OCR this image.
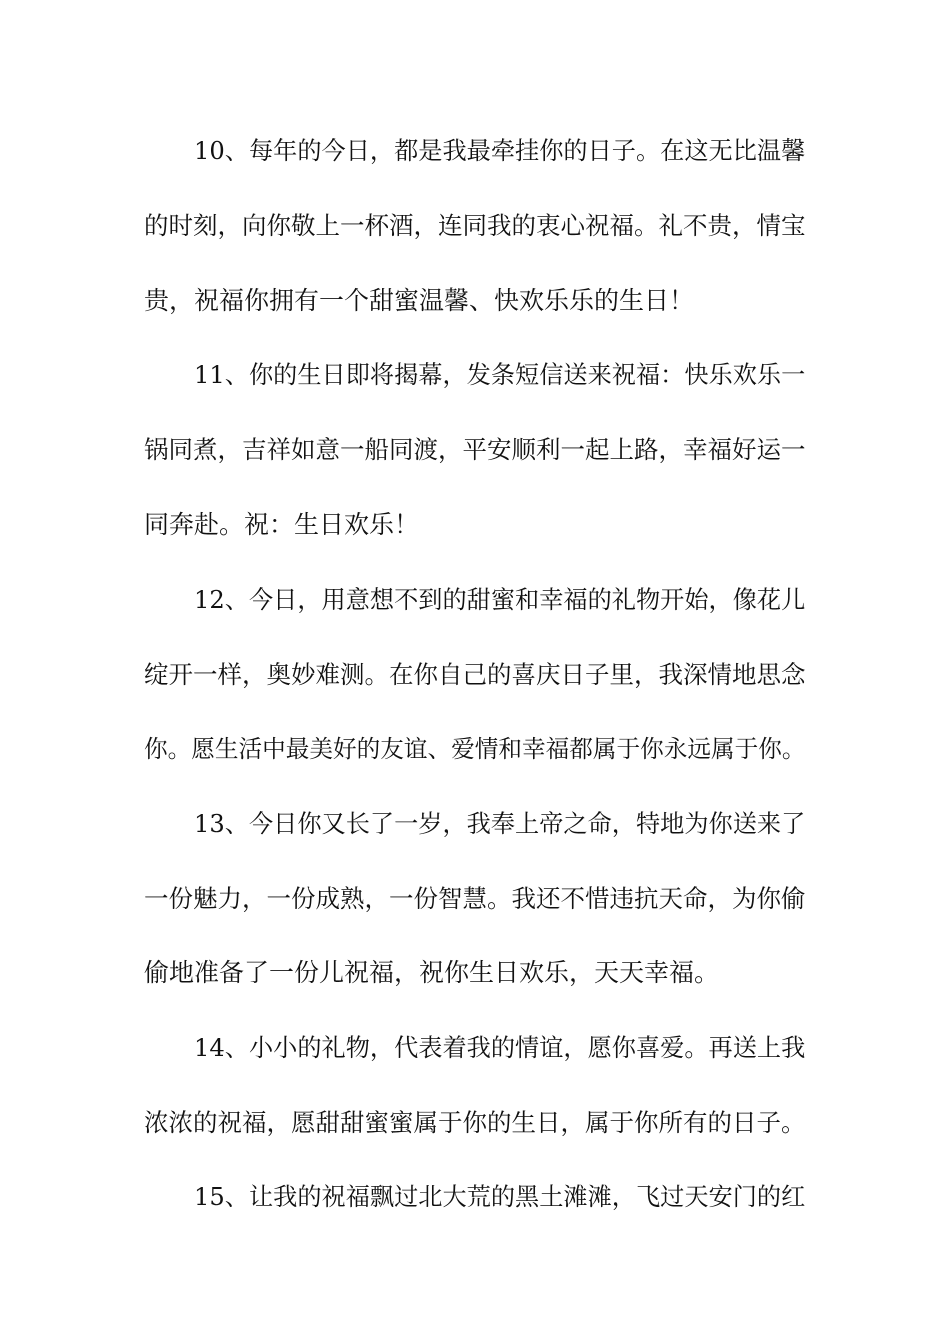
10、每年的今日，都是我最牵挂你的日子。在这无比温馨
的时刻，向你敬上一杯酒，连同我的衷心祝福。礼不贵，情宝
贵，祝福你拥有一个甜蜜温馨、快欢乐乐的生日！
11、你的生日即将揭幕，发条短信送来祝福：快乐欢乐一
锅同煮，吉祥如意一船同渡，平安顺利一起上路，幸福好运一
同奔赴。祝：生日欢乐！
12、今日，用意想不到的甜蜜和幸福的礼物开始，像花儿
绽开一样，奥妙难测。在你自己的喜庆日子里，我深情地思念
你。愿生活中最美好的友谊、爱情和幸福都属于你永远属于你。
13、今日你又长了一岁，我奉上帝之命，特地为你送来了
一份魅力，一份成熟，一份智慧。我还不惜违抗天命，为你偷
偷地准备了一份儿祝福，祝你生日欢乐，天天幸福。
14、小小的礼物，代表着我的情谊，愿你喜爱。再送上我
浓浓的祝福，愿甜甜蜜蜜属于你的生日，属于你所有的日子。
15、让我的祝福飘过北大荒的黑土滩滩，飞过天安门的红
